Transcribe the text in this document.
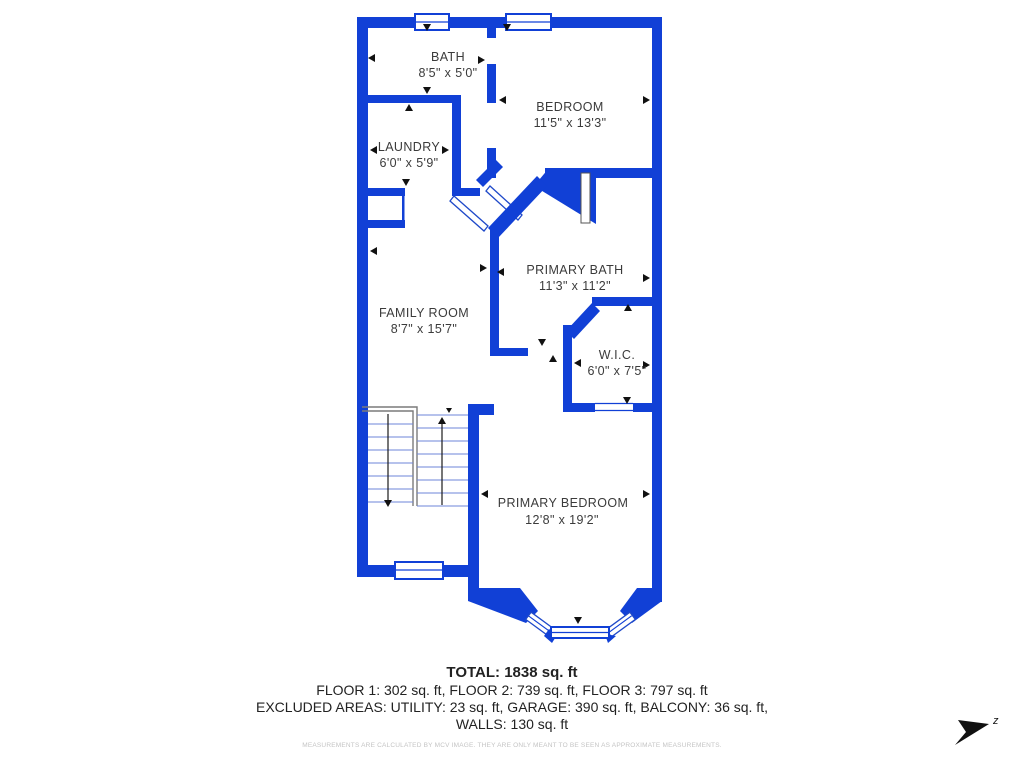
BATH
8'5" x 5'0"
BEDROOM
11'5" x 13'3"
LAUNDRY
6'0" x 5'9"
PRIMARY BATH
11'3" x 11'2"
FAMILY ROOM
8'7" x 15'7"
W.I.C.
6'0" x 7'5"
PRIMARY BEDROOM
12'8" x 19'2"
z
TOTAL: 1838 sq. ft
FLOOR 1: 302 sq. ft, FLOOR 2: 739 sq. ft, FLOOR 3: 797 sq. ft
EXCLUDED AREAS: UTILITY: 23 sq. ft, GARAGE: 390 sq. ft, BALCONY: 36 sq. ft,
WALLS: 130 sq. ft
MEASUREMENTS ARE CALCULATED BY MCV IMAGE. THEY ARE ONLY MEANT TO BE SEEN AS APPROXIMATE MEASUREMENTS.
